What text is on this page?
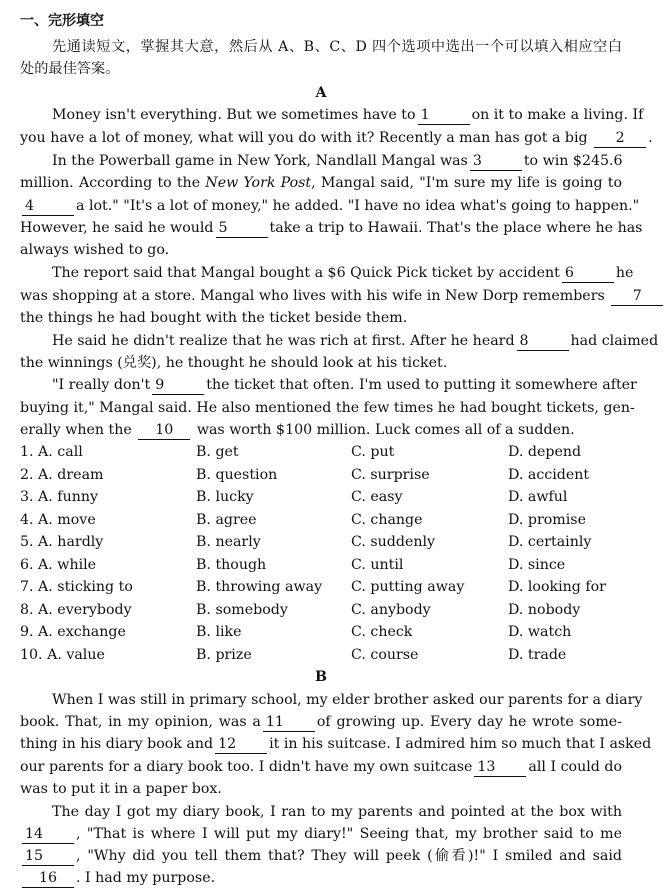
一、完形填空
先通读短文，掌握其大意，然后从 A、B、C、D 四个选项中选出一个可以填入相应空白
处的最佳答案。
A
Money isn't everything. But we sometimes have to 1	on it to make a living. If
you have a lot of money, what will you do with it? Recently a man has got a big 2 .
In the Powerball game in New York, Nandlall Mangal was 3	to win $245.6
million. According to the New York Post, Mangal said, "I'm sure my life is going to
4	a lot." "It's a lot of money," he added. "I have no idea what's going to happen."
However, he said he would 5	take a trip to Hawaii. That's the place where he has
always wished to go.
The report said that Mangal bought a $6 Quick Pick ticket by accident 6	he
was shopping at a store. Mangal who lives with his wife in New Dorp remembers 7
the things he had bought with the ticket beside them.
He said he didn't realize that he was rich at first. After he heard 8	had claimed
the winnings (兑奖), he thought he should look at his ticket.
"I really don't 9	the ticket that often. I'm used to putting it somewhere after
buying it," Mangal said. He also mentioned the few times he had bought tickets, gen-
erally when the 10 was worth $100 million. Luck comes all of a sudden.
1. A. call	B. get	C. put	D. depend
2. A. dream	B. question	C. surprise	D. accident
3. A. funny	B. lucky	C. easy	D. awful
4. A. move	B. agree	C. change	D. promise
5. A. hardly	B. nearly	C. suddenly	D. certainly
6. A. while	B. though	C. until	D. since
7. A. sticking to	B. throwing away C. putting away	D. looking for
8. A. everybody	B. somebody	C. anybody	D. nobody
9. A. exchange	B. like	C. check	D. watch
10. A. value	B. prize	C. course	D. trade
B
When I was still in primary school, my elder brother asked our parents for a diary
book. That, in my opinion, was a 11 of growing up. Every day he wrote some-
thing in his diary book and 12 it in his suitcase. I admired him so much that I asked
our parents for a diary book too. I didn't have my own suitcase 13 all I could do
was to put it in a paper box.
The day I got my diary book, I ran to my parents and pointed at the box with
14 , "That is where I will put my diary!" Seeing that, my brother said to me
15 , "Why did you tell them that? They will peek (偷看)!" I smiled and said
16 . I had my purpose.
